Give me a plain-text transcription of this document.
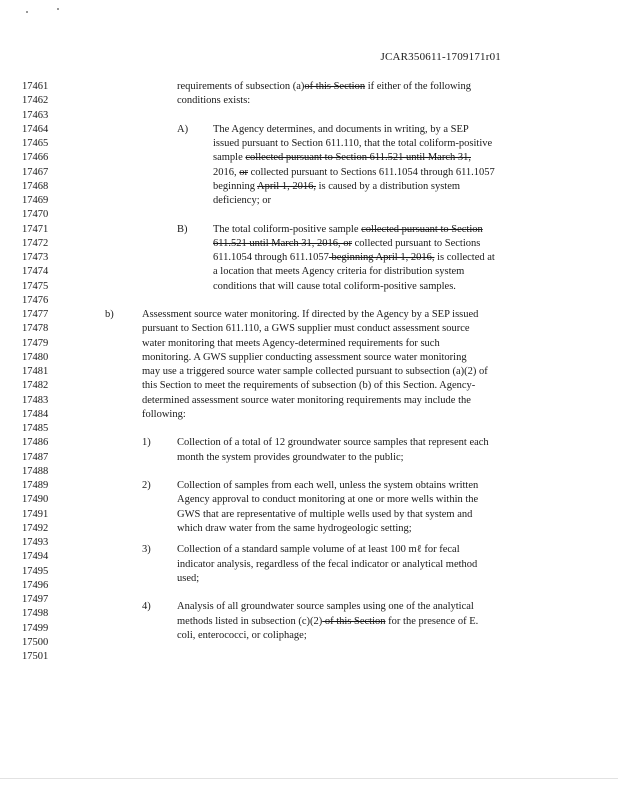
JCAR350611-1709171r01
17461
17462
17463
17464
17465
17466
17467
17468
17469
17470
17471
17472
17473
17474
17475
17476
17477
17478
17479
17480
17481
17482
17483
17484
17485
17486
17487
17488
17489
17490
17491
17492
17493
17494
17495
17496
17497
17498
17499
17500
17501
requirements of subsection (a)of this Section if either of the following
conditions exists:
A) The Agency determines, and documents in writing, by a SEP
issued pursuant to Section 611.110, that the total coliform-positive
sample collected pursuant to Section 611.521 until March 31,
2016, or collected pursuant to Sections 611.1054 through 611.1057
beginning April 1, 2016, is caused by a distribution system
deficiency; or
B) The total coliform-positive sample collected pursuant to Section
611.521 until March 31, 2016, or collected pursuant to Sections
611.1054 through 611.1057 beginning April 1, 2016, is collected at
a location that meets Agency criteria for distribution system
conditions that will cause total coliform-positive samples.
b)	Assessment source water monitoring. If directed by the Agency by a SEP issued
pursuant to Section 611.110, a GWS supplier must conduct assessment source
water monitoring that meets Agency-determined requirements for such
monitoring. A GWS supplier conducting assessment source water monitoring
may use a triggered source water sample collected pursuant to subsection (a)(2) of
this Section to meet the requirements of subsection (b) of this Section. Agency-
determined assessment source water monitoring requirements may include the
following:
1)	Collection of a total of 12 groundwater source samples that represent each
month the system provides groundwater to the public;
2)	Collection of samples from each well, unless the system obtains written
Agency approval to conduct monitoring at one or more wells within the
GWS that are representative of multiple wells used by that system and
which draw water from the same hydrogeologic setting;
3)	Collection of a standard sample volume of at least 100 mℓ for fecal
indicator analysis, regardless of the fecal indicator or analytical method
used;
4)	Analysis of all groundwater source samples using one of the analytical
methods listed in subsection (c)(2) of this Section for the presence of E.
coli, enterococci, or coliphage;
